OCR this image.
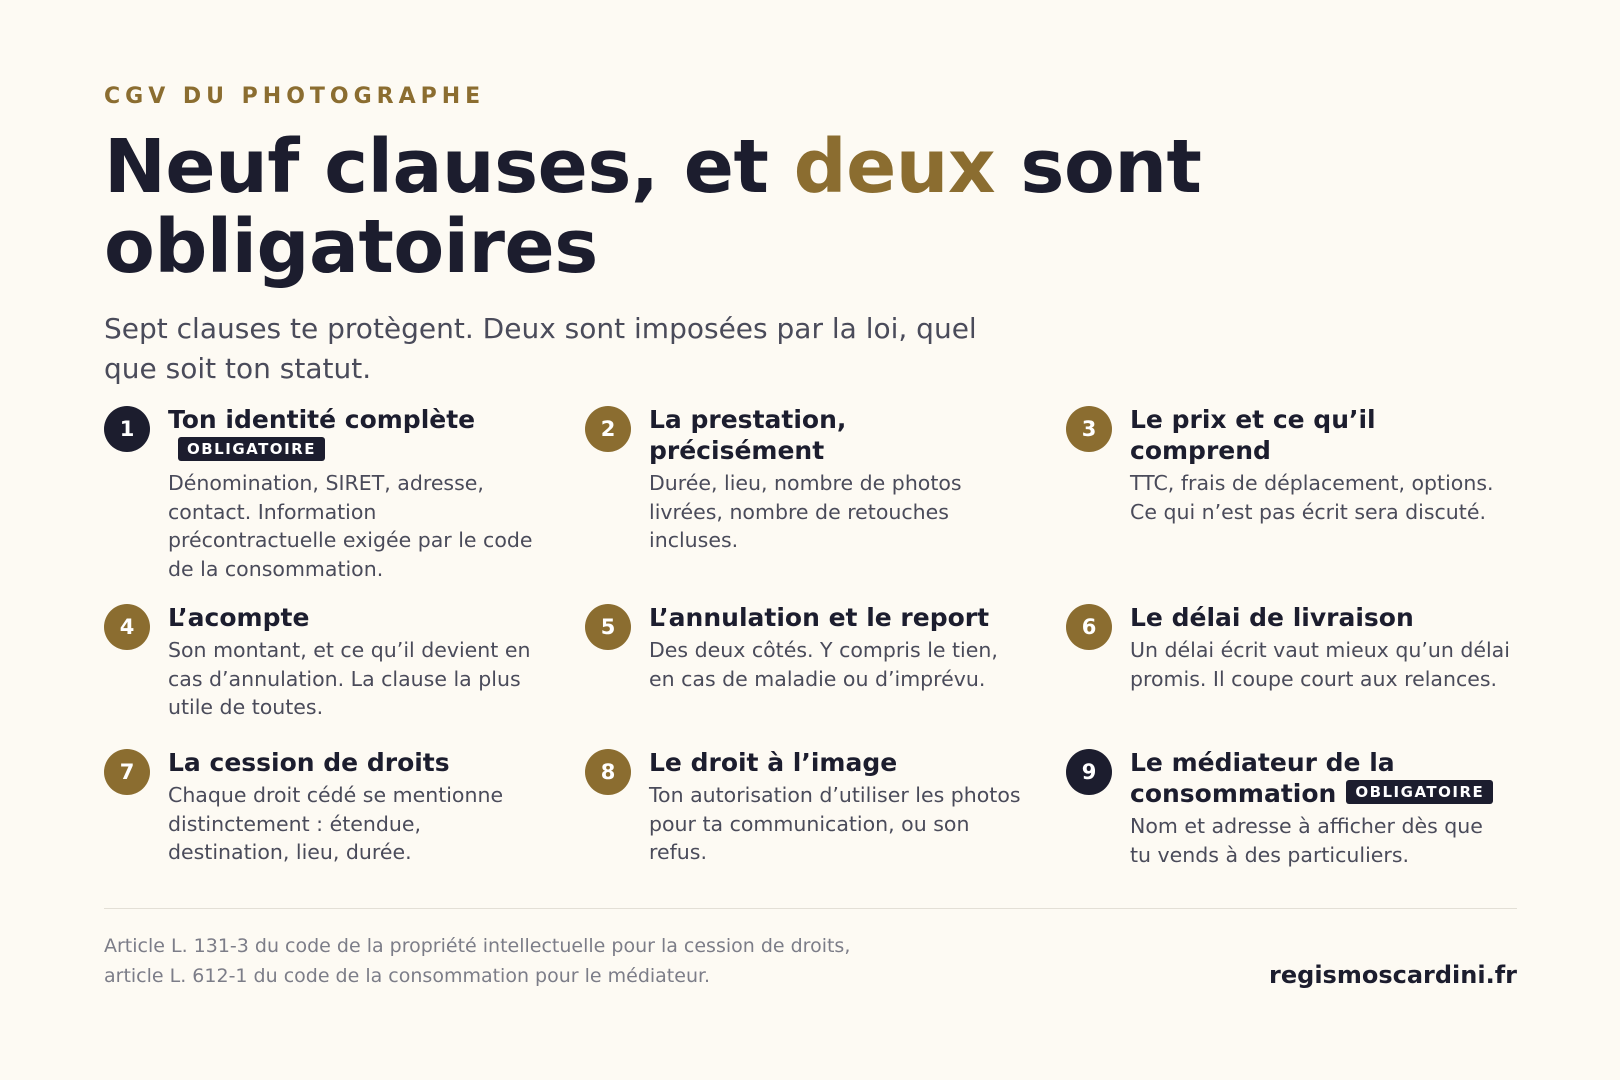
CGV DU PHOTOGRAPHE
Neuf clauses, et deux sont obligatoires

Sept clauses te protègent. Deux sont imposées par la loi, quel que soit ton statut.

1	Ton identité complète
OBLIGATOIRE
Dénomination, SIRET, adresse, contact. Information précontractuelle exigée par le code de la consommation.
2	La prestation, précisément
Durée, lieu, nombre de photos livrées, nombre de retouches incluses.
3	Le prix et ce qu’il comprend
TTC, frais de déplacement, options. Ce qui n’est pas écrit sera discuté.
4	L’acompte
Son montant, et ce qu’il devient en cas d’annulation. La clause la plus utile de toutes.
5	L’annulation et le report
Des deux côtés. Y compris le tien, en cas de maladie ou d’imprévu.
6	Le délai de livraison
Un délai écrit vaut mieux qu’un délai promis. Il coupe court aux relances.
7	La cession de droits
Chaque droit cédé se mentionne distinctement : étendue, destination, lieu, durée.
8	Le droit à l’image
Ton autorisation d’utiliser les photos pour ta communication, ou son refus.
9	Le médiateur de la consommation OBLIGATOIRE
Nom et adresse à afficher dès que tu vends à des particuliers.
Article L. 131-3 du code de la propriété intellectuelle pour la cession de droits,
article L. 612-1 du code de la consommation pour le médiateur.	regismoscardini.fr
